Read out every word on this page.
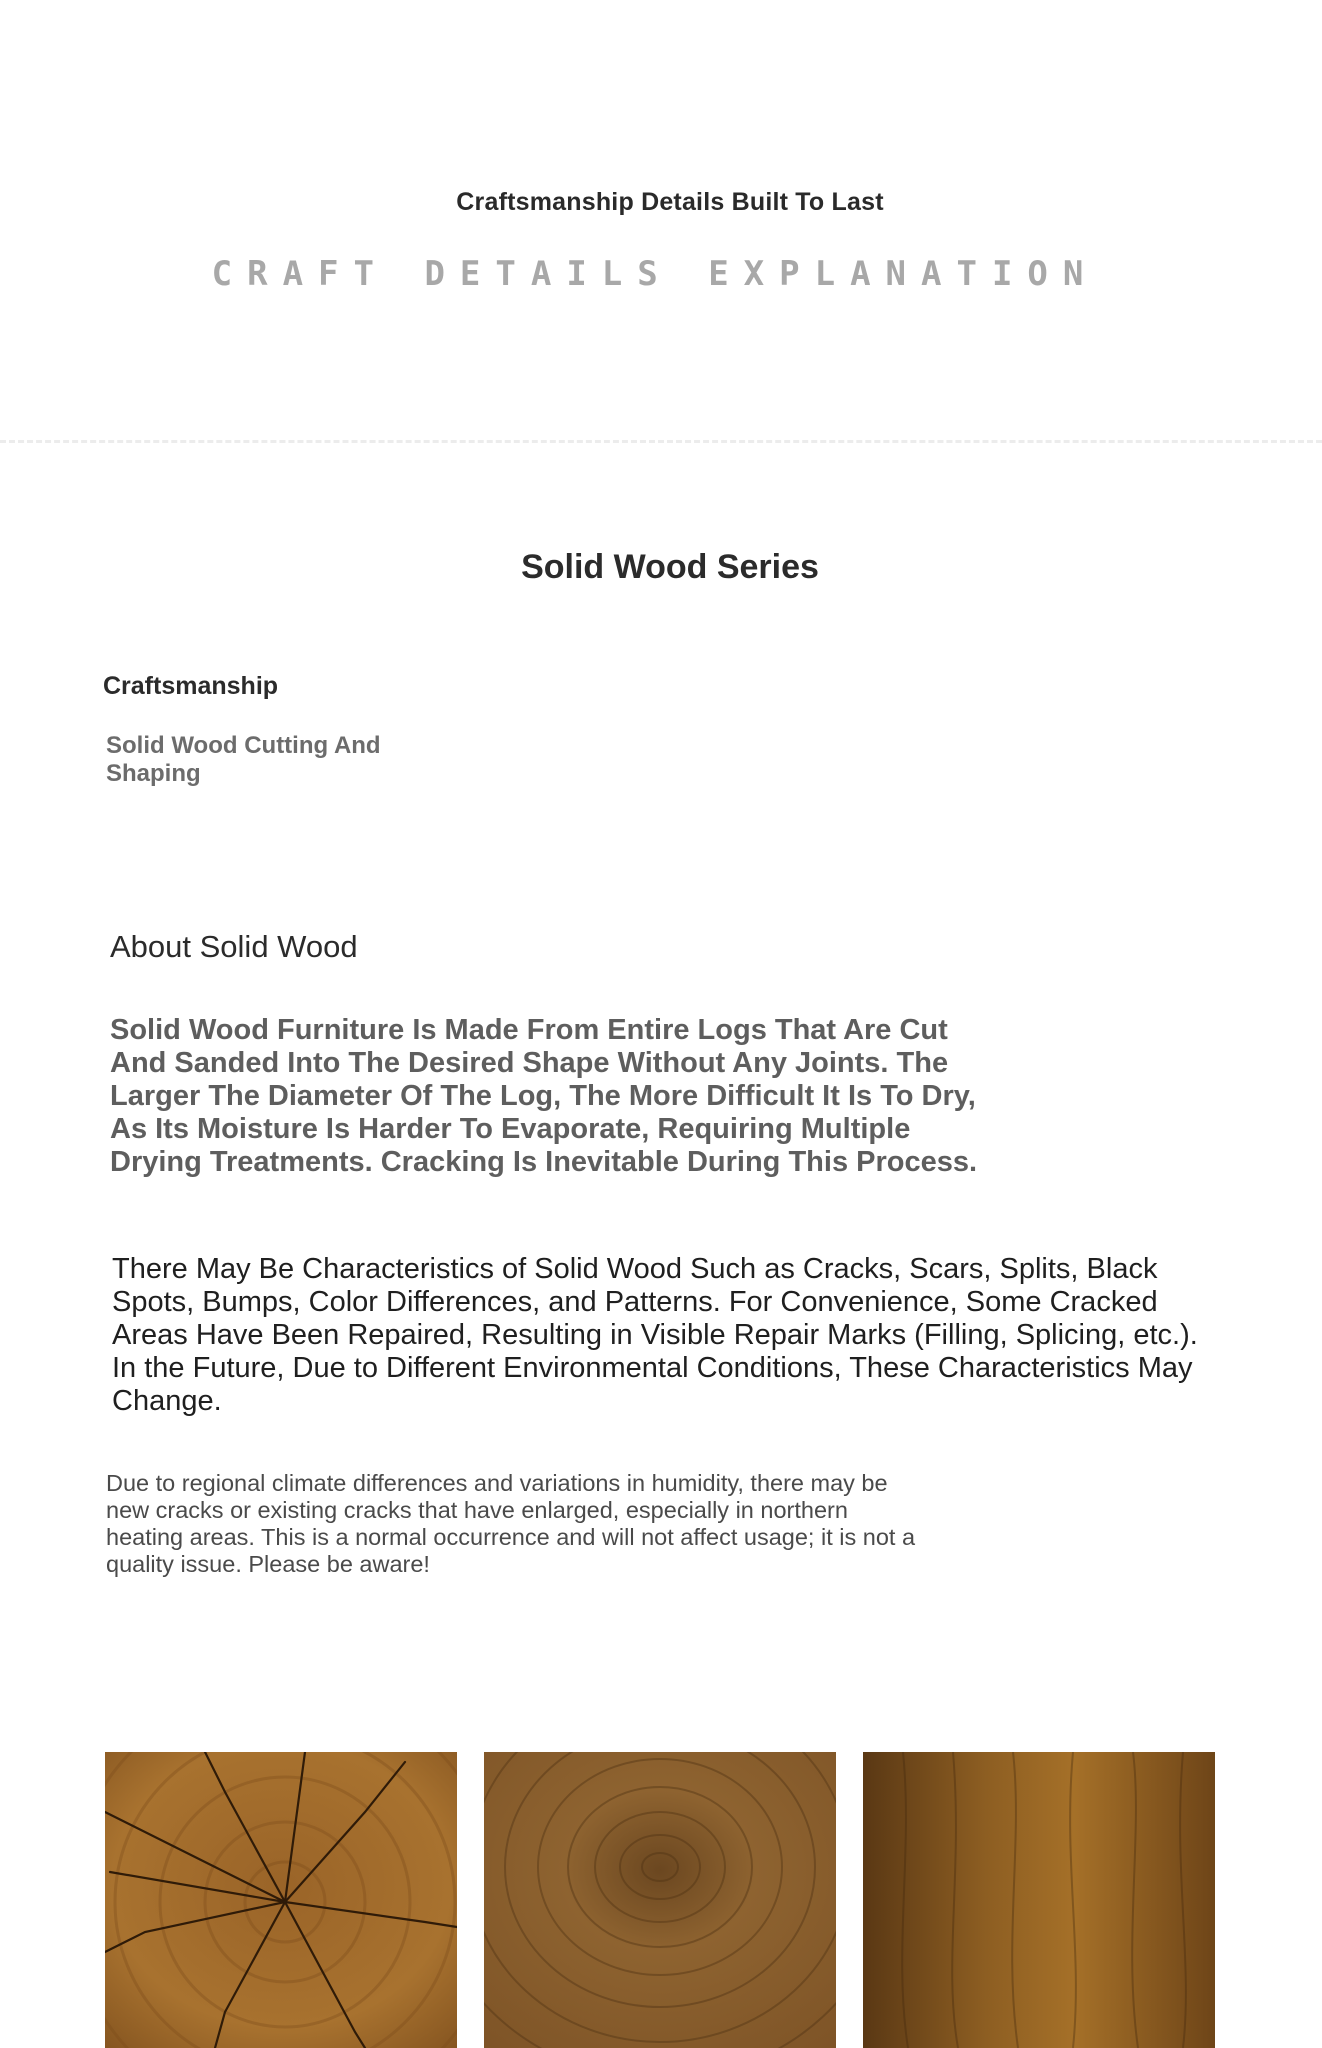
Craftsmanship Details Built To Last
CRAFT DETAILS EXPLANATION
Solid Wood Series
Craftsmanship
Solid Wood Cutting And Shaping
About Solid Wood
Solid Wood Furniture Is Made From Entire Logs That Are Cut And Sanded Into The Desired Shape Without Any Joints. The Larger The Diameter Of The Log, The More Difficult It Is To Dry, As Its Moisture Is Harder To Evaporate, Requiring Multiple Drying Treatments. Cracking Is Inevitable During This Process.
There May Be Characteristics of Solid Wood Such as Cracks, Scars, Splits, Black Spots, Bumps, Color Differences, and Patterns. For Convenience, Some Cracked Areas Have Been Repaired, Resulting in Visible Repair Marks (Filling, Splicing, etc.). In the Future, Due to Different Environmental Conditions, These Characteristics May Change.
Due to regional climate differences and variations in humidity, there may be new cracks or existing cracks that have enlarged, especially in northern heating areas. This is a normal occurrence and will not affect usage; it is not a quality issue. Please be aware!
